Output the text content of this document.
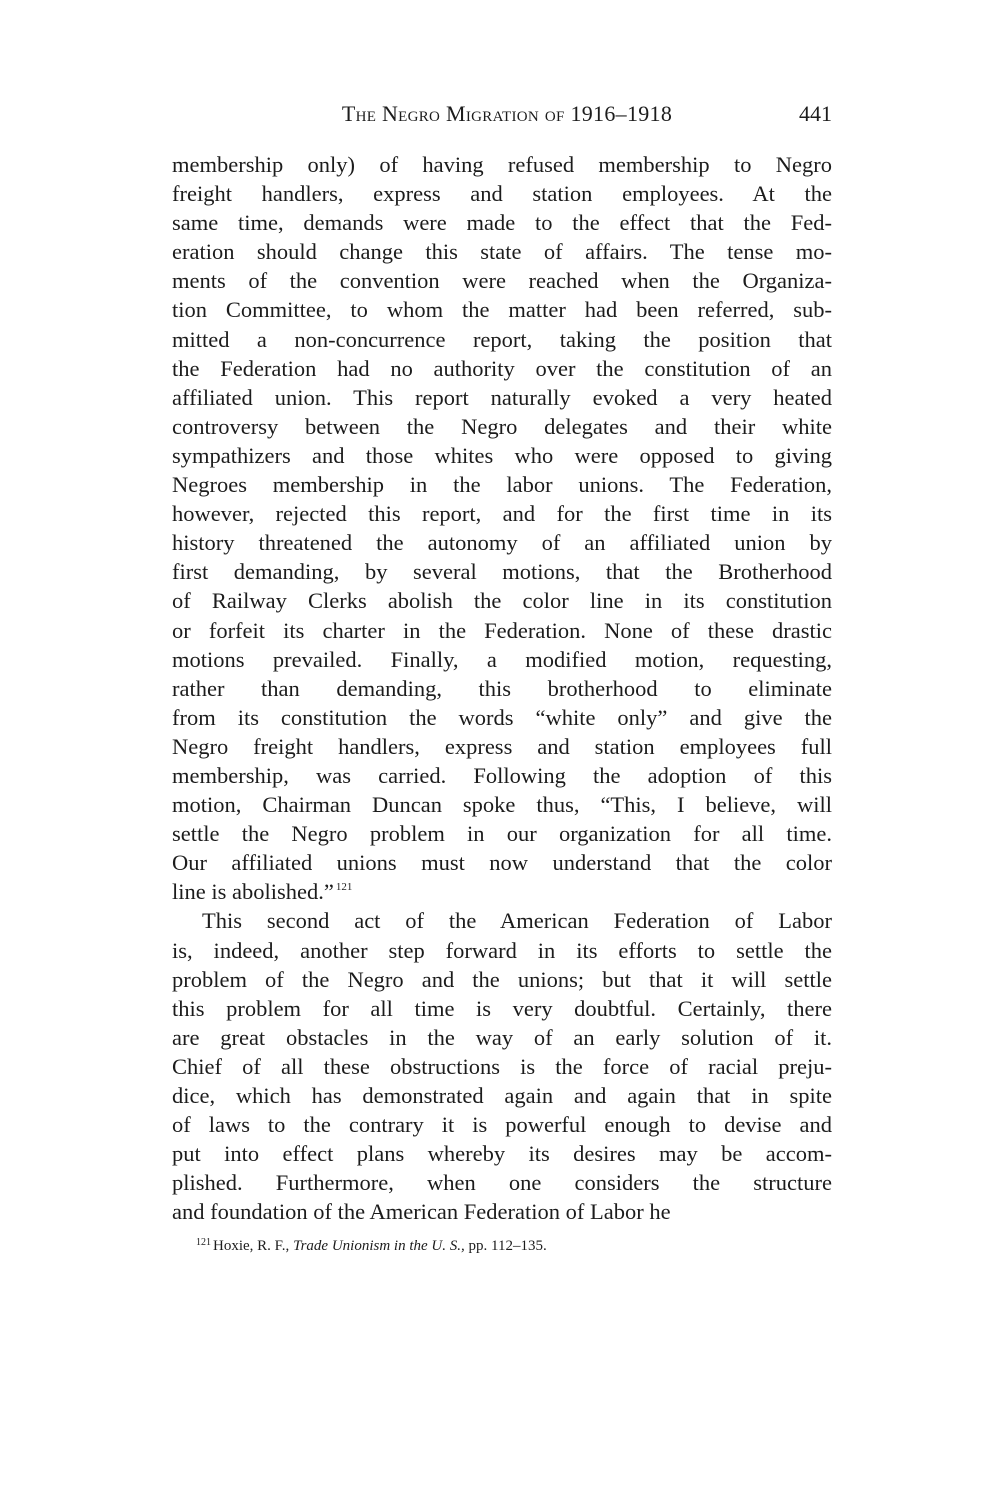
The Negro Migration of 1916–1918	441
membership only) of having refused membership to Negro
freight handlers, express and station employees. At the
same time, demands were made to the effect that the Fed-
eration should change this state of affairs. The tense mo-
ments of the convention were reached when the Organiza-
tion Committee, to whom the matter had been referred, sub-
mitted a non-concurrence report, taking the position that
the Federation had no authority over the constitution of an
affiliated union. This report naturally evoked a very heated
controversy between the Negro delegates and their white
sympathizers and those whites who were opposed to giving
Negroes membership in the labor unions. The Federation,
however, rejected this report, and for the first time in its
history threatened the autonomy of an affiliated union by
first demanding, by several motions, that the Brotherhood
of Railway Clerks abolish the color line in its constitution
or forfeit its charter in the Federation. None of these drastic
motions prevailed. Finally, a modified motion, requesting,
rather than demanding, this brotherhood to eliminate
from its constitution the words “white only” and give the
Negro freight handlers, express and station employees full
membership, was carried. Following the adoption of this
motion, Chairman Duncan spoke thus, “This, I believe, will
settle the Negro problem in our organization for all time.
Our affiliated unions must now understand that the color
line is abolished.” $^{121}$
This second act of the American Federation of Labor
is, indeed, another step forward in its efforts to settle the
problem of the Negro and the unions; but that it will settle
this problem for all time is very doubtful. Certainly, there
are great obstacles in the way of an early solution of it.
Chief of all these obstructions is the force of racial preju-
dice, which has demonstrated again and again that in spite
of laws to the contrary it is powerful enough to devise and
put into effect plans whereby its desires may be accom-
plished. Furthermore, when one considers the structure
and foundation of the American Federation of Labor he
$^{121}$ Hoxie, R. F., Trade Unionism in the U. S., pp. 112–135.
